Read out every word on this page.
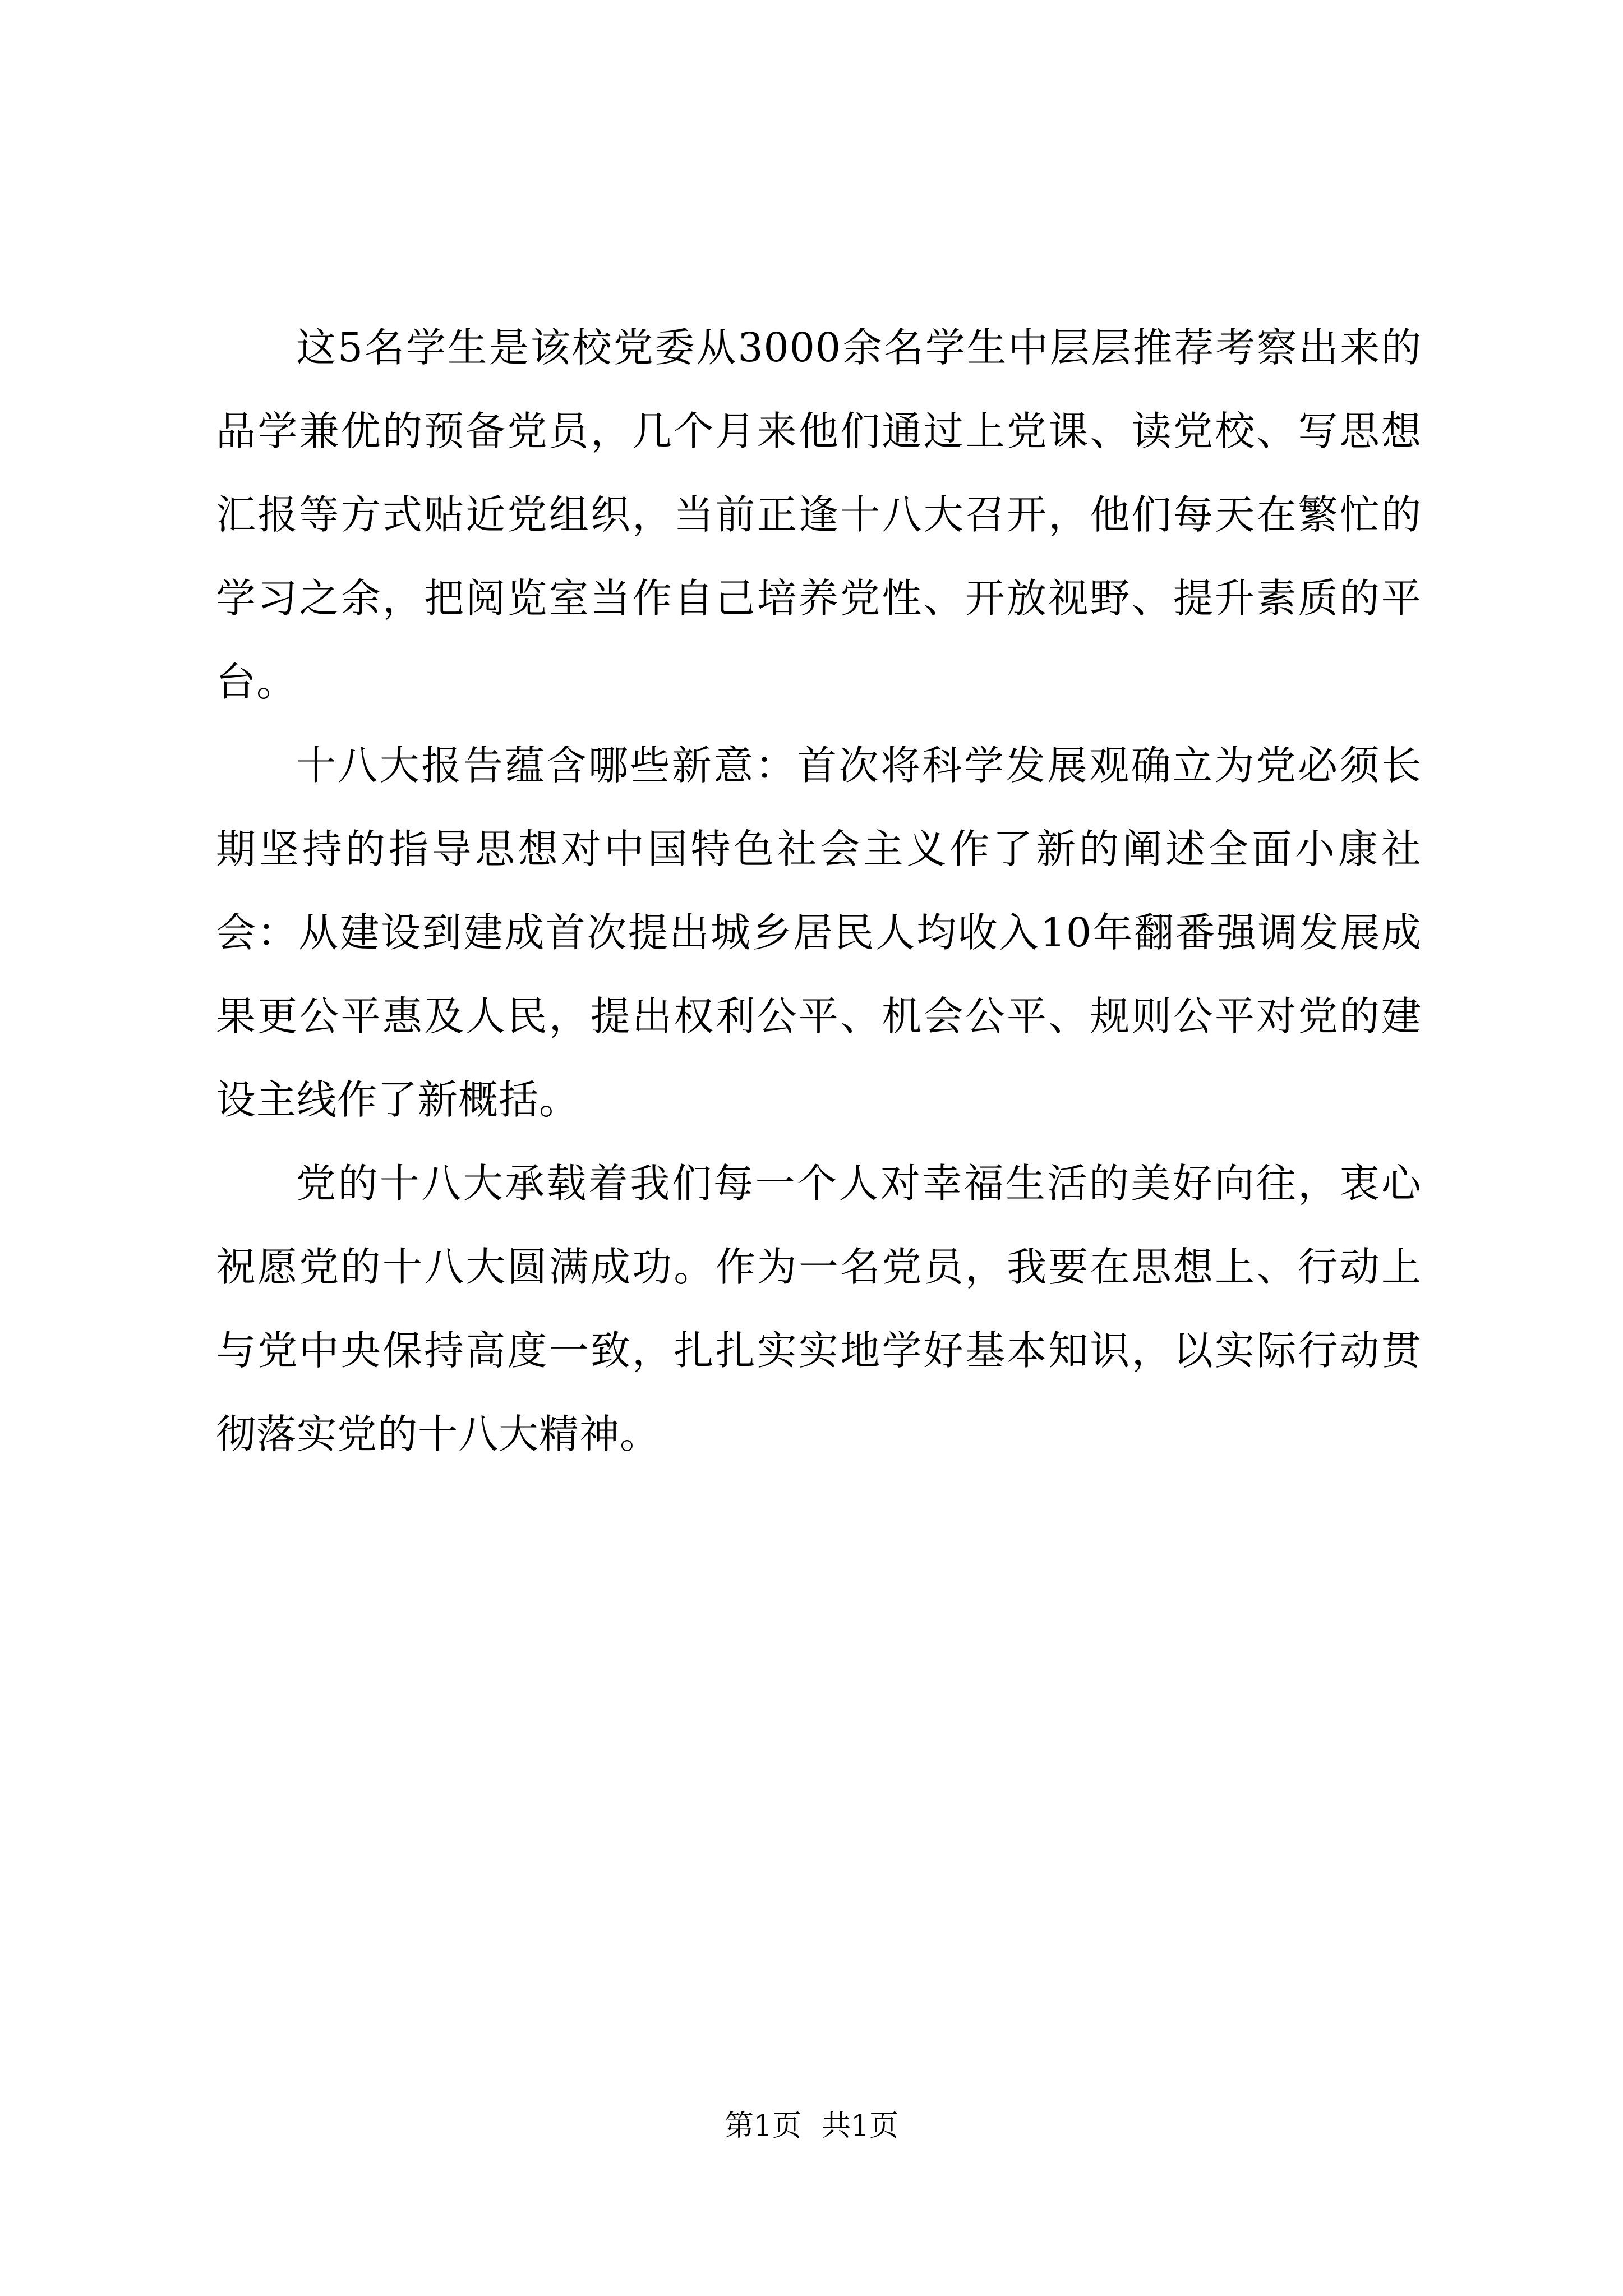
这5名学生是该校党委从3000余名学生中层层推荐考察出来的品学兼优的预备党员，几个月来他们通过上党课、读党校、写思想汇报等方式贴近党组织，当前正逢十八大召开，他们每天在繁忙的学习之余，把阅览室当作自己培养党性、开放视野、提升素质的平台。

十八大报告蕴含哪些新意：首次将科学发展观确立为党必须长期坚持的指导思想对中国特色社会主义作了新的阐述全面小康社会：从建设到建成首次提出城乡居民人均收入10年翻番强调发展成果更公平惠及人民，提出权利公平、机会公平、规则公平对党的建设主线作了新概括。

党的十八大承载着我们每一个人对幸福生活的美好向往，衷心祝愿党的十八大圆满成功。作为一名党员，我要在思想上、行动上与党中央保持高度一致，扎扎实实地学好基本知识，以实际行动贯彻落实党的十八大精神。

第1页 共1页
